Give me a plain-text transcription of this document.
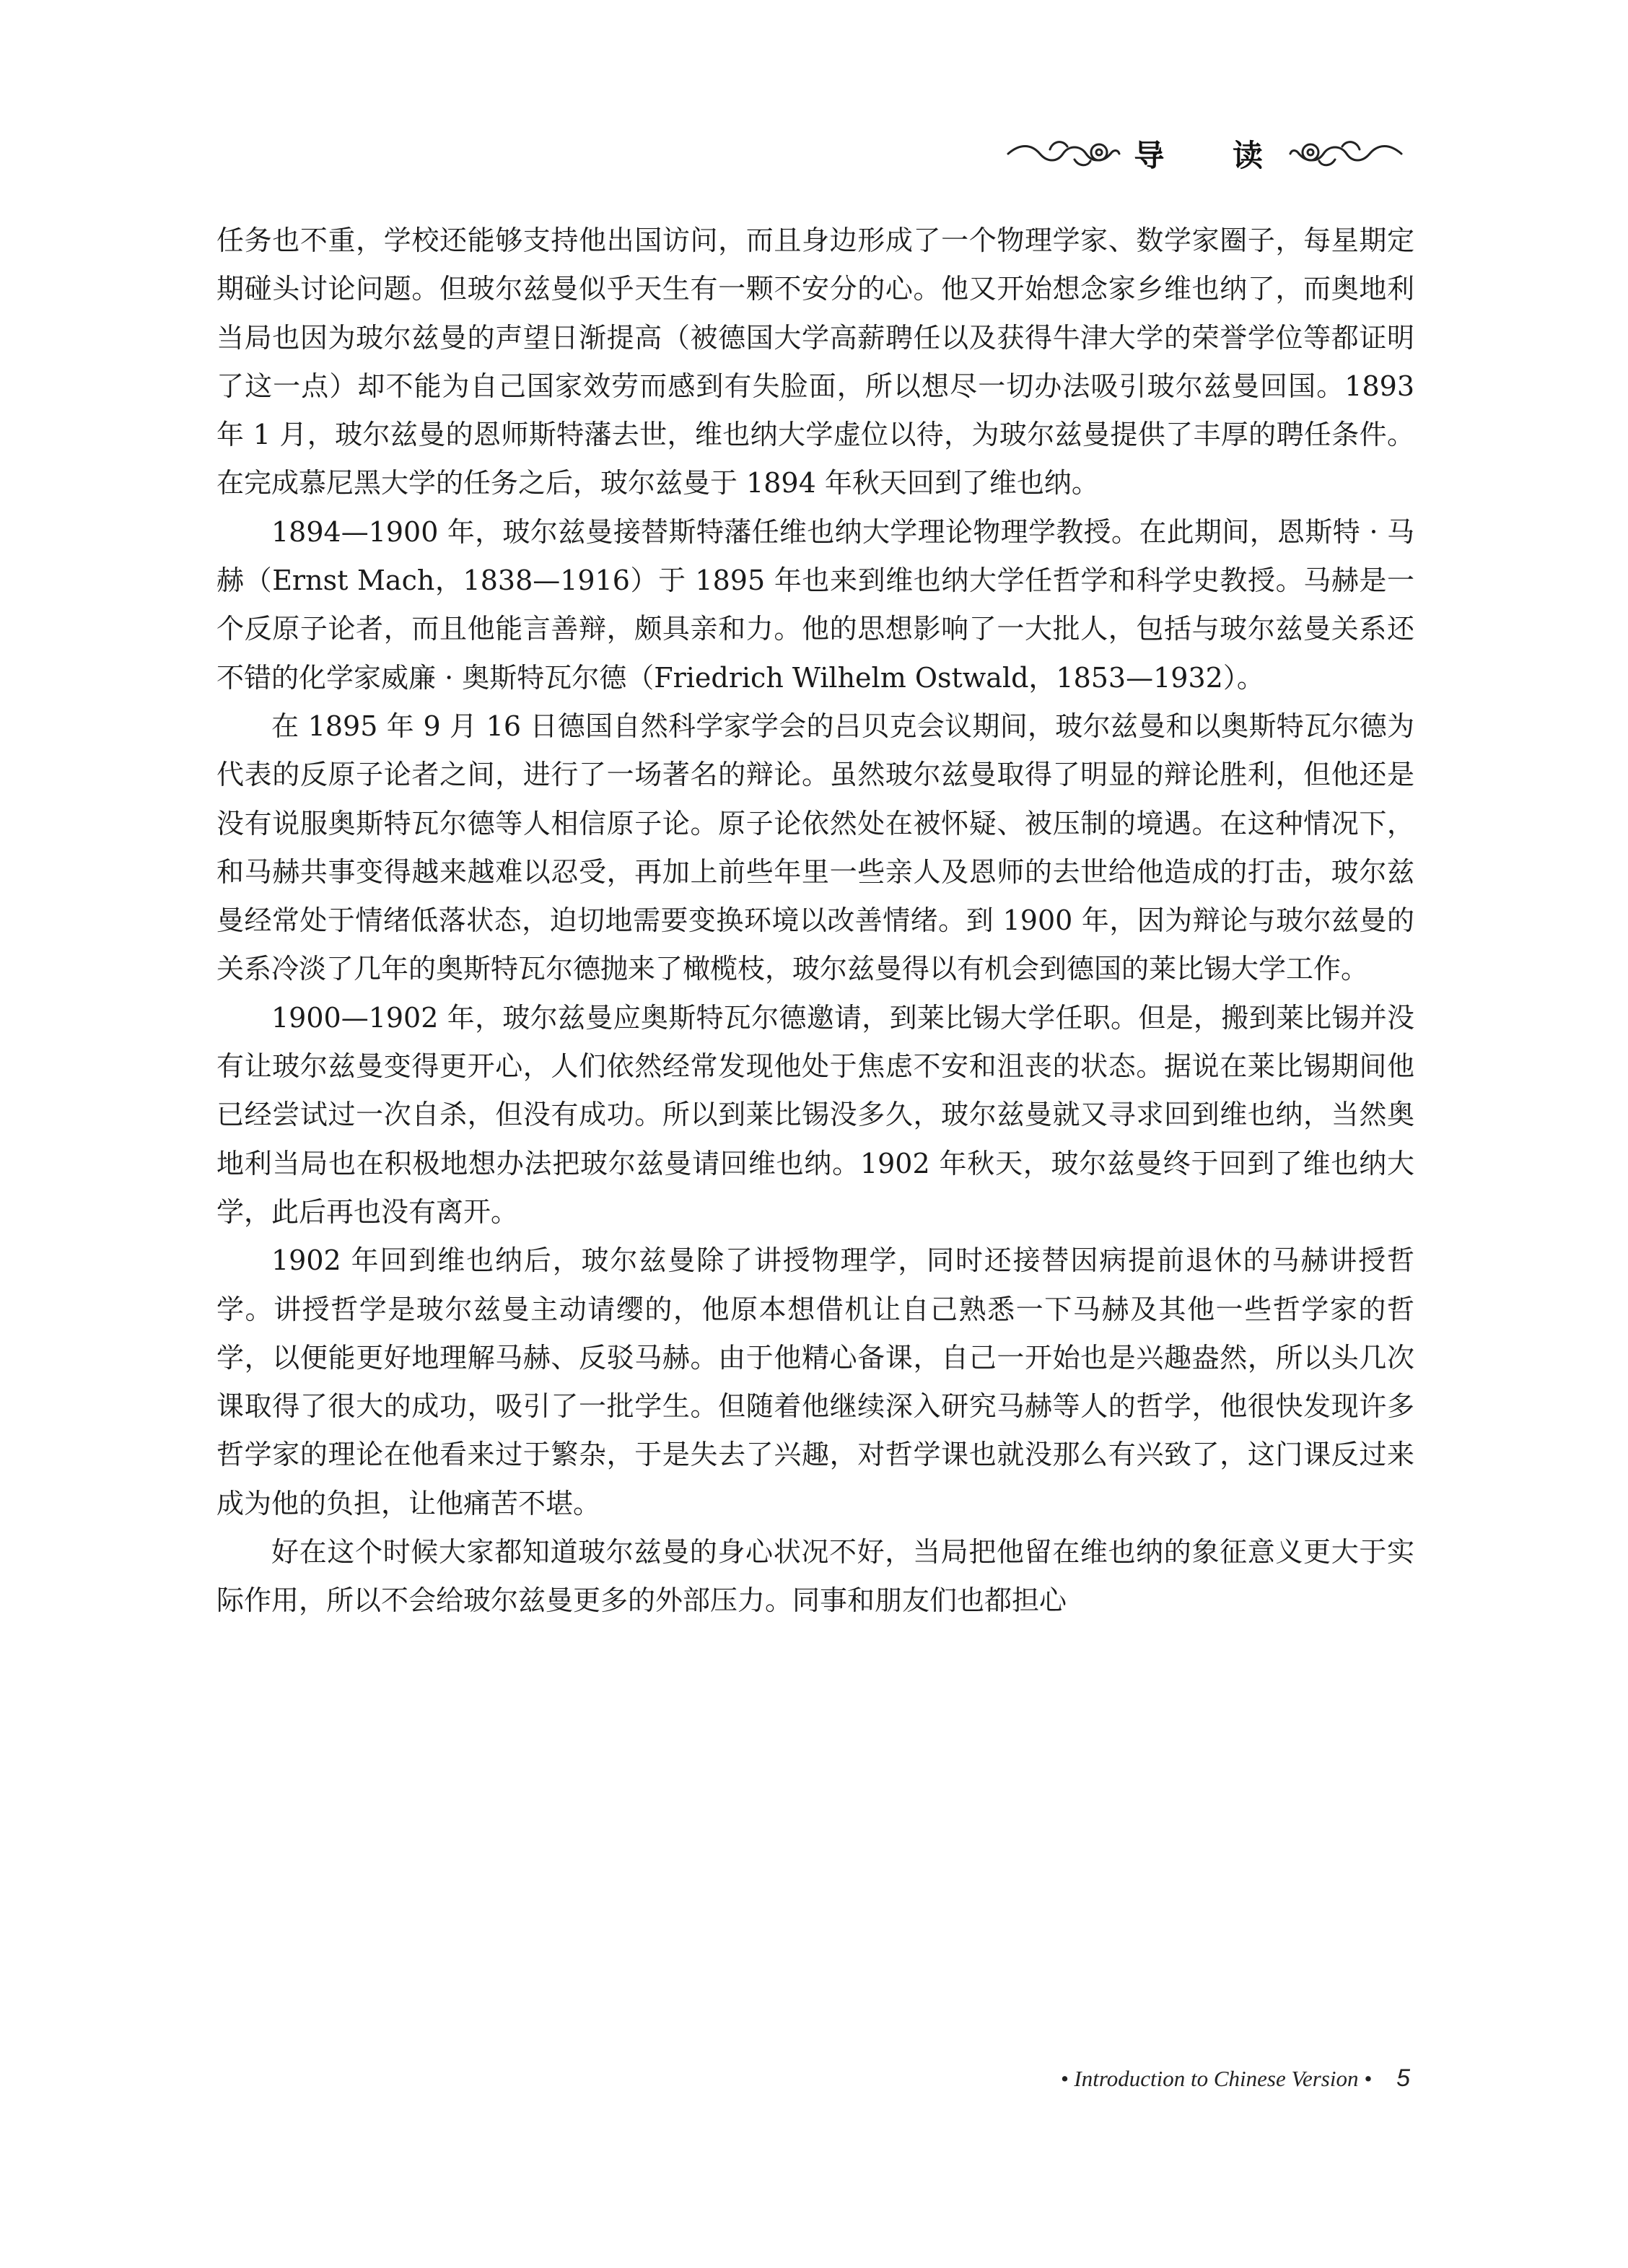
导 读

任务也不重，学校还能够支持他出国访问，而且身边形成了一个物理学家、数学家圈子，每星期定期碰头讨论问题。但玻尔兹曼似乎天生有一颗不安分的心。他又开始想念家乡维也纳了，而奥地利当局也因为玻尔兹曼的声望日渐提高（被德国大学高薪聘任以及获得牛津大学的荣誉学位等都证明了这一点）却不能为自己国家效劳而感到有失脸面，所以想尽一切办法吸引玻尔兹曼回国。1893 年 1 月，玻尔兹曼的恩师斯特藩去世，维也纳大学虚位以待，为玻尔兹曼提供了丰厚的聘任条件。在完成慕尼黑大学的任务之后，玻尔兹曼于 1894 年秋天回到了维也纳。

1894—1900 年，玻尔兹曼接替斯特藩任维也纳大学理论物理学教授。在此期间，恩斯特 · 马赫（Ernst Mach，1838—1916）于 1895 年也来到维也纳大学任哲学和科学史教授。马赫是一个反原子论者，而且他能言善辩，颇具亲和力。他的思想影响了一大批人，包括与玻尔兹曼关系还不错的化学家威廉 · 奥斯特瓦尔德（Friedrich Wilhelm Ostwald，1853—1932）。

在 1895 年 9 月 16 日德国自然科学家学会的吕贝克会议期间，玻尔兹曼和以奥斯特瓦尔德为代表的反原子论者之间，进行了一场著名的辩论。虽然玻尔兹曼取得了明显的辩论胜利，但他还是没有说服奥斯特瓦尔德等人相信原子论。原子论依然处在被怀疑、被压制的境遇。在这种情况下，和马赫共事变得越来越难以忍受，再加上前些年里一些亲人及恩师的去世给他造成的打击，玻尔兹曼经常处于情绪低落状态，迫切地需要变换环境以改善情绪。到 1900 年，因为辩论与玻尔兹曼的关系冷淡了几年的奥斯特瓦尔德抛来了橄榄枝，玻尔兹曼得以有机会到德国的莱比锡大学工作。

1900—1902 年，玻尔兹曼应奥斯特瓦尔德邀请，到莱比锡大学任职。但是，搬到莱比锡并没有让玻尔兹曼变得更开心，人们依然经常发现他处于焦虑不安和沮丧的状态。据说在莱比锡期间他已经尝试过一次自杀，但没有成功。所以到莱比锡没多久，玻尔兹曼就又寻求回到维也纳，当然奥地利当局也在积极地想办法把玻尔兹曼请回维也纳。1902 年秋天，玻尔兹曼终于回到了维也纳大学，此后再也没有离开。

1902 年回到维也纳后，玻尔兹曼除了讲授物理学，同时还接替因病提前退休的马赫讲授哲学。讲授哲学是玻尔兹曼主动请缨的，他原本想借机让自己熟悉一下马赫及其他一些哲学家的哲学，以便能更好地理解马赫、反驳马赫。由于他精心备课，自己一开始也是兴趣盎然，所以头几次课取得了很大的成功，吸引了一批学生。但随着他继续深入研究马赫等人的哲学，他很快发现许多哲学家的理论在他看来过于繁杂，于是失去了兴趣，对哲学课也就没那么有兴致了，这门课反过来成为他的负担，让他痛苦不堪。

好在这个时候大家都知道玻尔兹曼的身心状况不好，当局把他留在维也纳的象征意义更大于实际作用，所以不会给玻尔兹曼更多的外部压力。同事和朋友们也都担心

• Introduction to Chinese Version • 5
